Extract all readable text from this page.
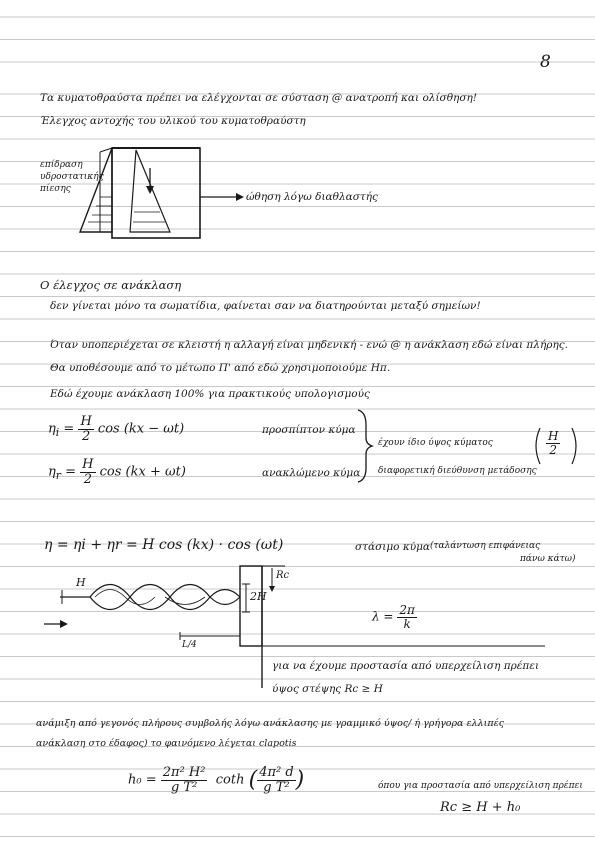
8
Τα κυματοθραύστα πρέπει να ελέγχονται σε σύσταση @ ανατροπή και ολίσθηση!
Έλεγχος αντοχής του υλικού του κυματοθραύστη
επίδραση
υδροστατικής
πίεσης
ώθηση λόγω διαθλαστής
Ο έλεγχος σε ανάκλαση
δεν γίνεται μόνο τα σωματίδια, φαίνεται σαν να διατηρούνται μεταξύ σημείων!
Όταν υποπεριέχεται σε κλειστή η αλλαγή είναι μηδενική - ενώ @ η ανάκλαση εδώ είναι πλήρης.
Θα υποθέσουμε από το μέτωπο Π' από εδώ χρησιμοποιούμε Ηπ.
Εδώ έχουμε ανάκλαση 100% για πρακτικούς υπολογισμούς
$\eta_i = \frac{H}{2}$ cos (kx − ωt)	προσπίπτον κύμα
$\eta_r = \frac{H}{2}$ cos (kx + ωt)	ανακλώμενο κύμα
έχουν ίδιο ύψος κύματος
διαφορετική διεύθυνση μετάδοσης
$\frac{H}{2}$
η = ηi + ηr = H cos (kx) · cos (ωt)	στάσιμο κύμα (ταλάντωση επιφάνειας
πάνω κάτω)
H
2H
Rc
L/4
$\lambda = \frac{2\pi}{k}$
για να έχουμε προστασία από υπερχείλιση πρέπει
ύψος στέψης Rc ≥ H
ανάμιξη από γεγονός πλήρους συμβολής λόγω ανάκλασης με γραμμικό ύψος/ ή γρήγορα ελλιπές
ανάκλαση στο έδαφος) το φαινόμενο λέγεται clapotis
$h_0 = \frac{\text{2π² H²}}{\text{g T²}}$ coth ( $\frac{\text{4π² d}}{\text{g T²}}$ )	όπου για προστασία από υπερχείλιση πρέπει
Rc ≥ H + h₀
